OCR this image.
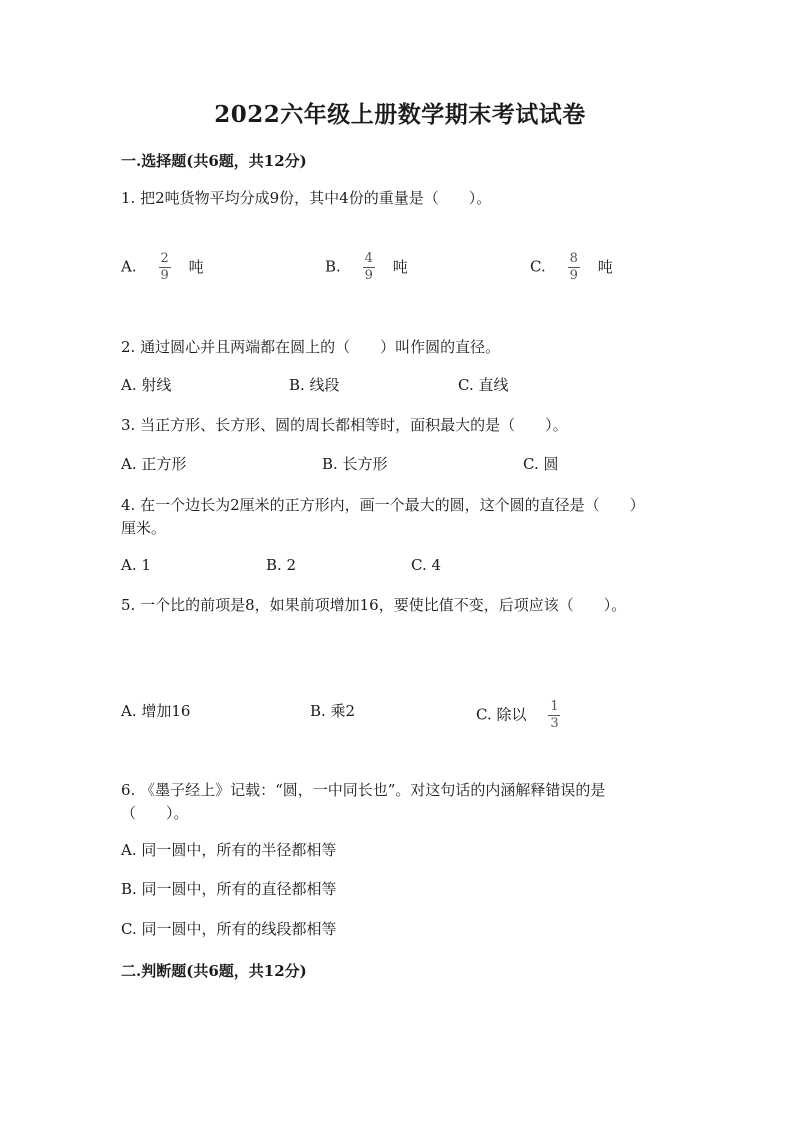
2022六年级上册数学期末考试试卷
一.选择题(共6题，共12分)
1. 把2吨货物平均分成9份，其中4份的重量是（　　）。
A. $\frac{2}{9}$ 吨	B. $\frac{4}{9}$ 吨	C. $\frac{8}{9}$ 吨
2. 通过圆心并且两端都在圆上的（　　）叫作圆的直径。
A. 射线	B. 线段	C. 直线
3. 当正方形、长方形、圆的周长都相等时，面积最大的是（　　）。
A. 正方形	B. 长方形	C. 圆
4. 在一个边长为2厘米的正方形内，画一个最大的圆，这个圆的直径是（　　）厘米。
A. 1	B. 2	C. 4
5. 一个比的前项是8，如果前项增加16，要使比值不变，后项应该（　　）。
A. 增加16	B. 乘2	C. 除以 $\frac{1}{3}$
6. 《墨子经上》记载：“圆，一中同长也”。对这句话的内涵解释错误的是（　　）。
A. 同一圆中，所有的半径都相等
B. 同一圆中，所有的直径都相等
C. 同一圆中，所有的线段都相等
二.判断题(共6题，共12分)
